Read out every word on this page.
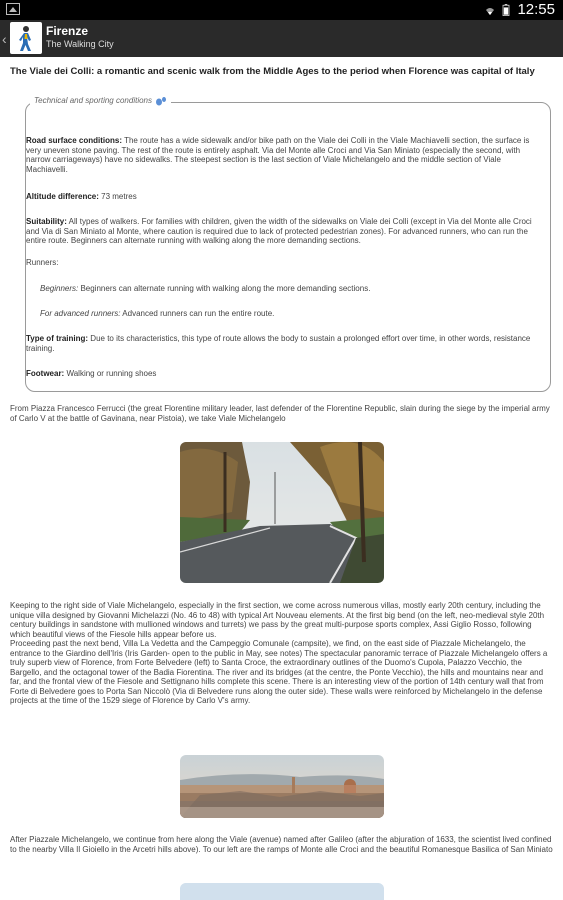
12:55
‹	Firenze
The Walking City
The Viale dei Colli: a romantic and scenic walk from the Middle Ages to the period when Florence was capital of Italy

Road surface conditions: The route has a wide sidewalk and/or bike path on the Viale dei Colli in the Viale Machiavelli section, the surface is very uneven stone paving. The rest of the route is entirely asphalt. Via del Monte alle Croci and Via San Miniato (especially the second, with narrow carriageways) have no sidewalks. The steepest section is the last section of Viale Michelangelo and the middle section of Viale Machiavelli.

Altitude difference: 73 metres

Suitability: All types of walkers. For families with children, given the width of the sidewalks on Viale dei Colli (except in Via del Monte alle Croci and Via di San Miniato al Monte, where caution is required due to lack of protected pedestrian zones). For advanced runners, who can run the entire route. Beginners can alternate running with walking along the more demanding sections.

Runners:

Beginners: Beginners can alternate running with walking along the more demanding sections.

For advanced runners: Advanced runners can run the entire route.

Type of training: Due to its characteristics, this type of route allows the body to sustain a prolonged effort over time, in other words, resistance training.

Footwear: Walking or running shoes

Technical and sporting conditions

From Piazza Francesco Ferrucci (the great Florentine military leader, last defender of the Florentine Republic, slain during the siege by the imperial army of Carlo V at the battle of Gavinana, near Pistoia), we take Viale Michelangelo

Keeping to the right side of Viale Michelangelo, especially in the first section, we come across numerous villas, mostly early 20th century, including the unique villa designed by Giovanni Michelazzi (No. 46 to 48) with typical Art Nouveau elements. At the first big bend (on the left, neo-medieval style 20th century buildings in sandstone with mullioned windows and turrets) we pass by the great multi-purpose sports complex, Assi Giglio Rosso, following which beautiful views of the Fiesole hills appear before us.
Proceeding past the next bend, Villa La Vedetta and the Campeggio Comunale (campsite), we find, on the east side of Piazzale Michelangelo, the entrance to the Giardino dell'Iris (Iris Garden- open to the public in May, see notes) The spectacular panoramic terrace of Piazzale Michelangelo offers a truly superb view of Florence, from Forte Belvedere (left) to Santa Croce, the extraordinary outlines of the Duomo's Cupola, Palazzo Vecchio, the Bargello, and the octagonal tower of the Badia Fiorentina. The river and its bridges (at the centre, the Ponte Vecchio), the hills and mountains near and far, and the frontal view of the Fiesole and Settignano hills complete this scene. There is an interesting view of the portion of 14th century wall that from Forte di Belvedere goes to Porta San Niccolò (Via di Belvedere runs along the outer side). These walls were reinforced by Michelangelo in the defense projects at the time of the 1529 siege of Florence by Carlo V's army.

After Piazzale Michelangelo, we continue from here along the Viale (avenue) named after Galileo (after the abjuration of 1633, the scientist lived confined to the nearby Villa Il Gioiello in the Arcetri hills above). To our left are the ramps of Monte alle Croci and the beautiful Romanesque Basilica of San Miniato
